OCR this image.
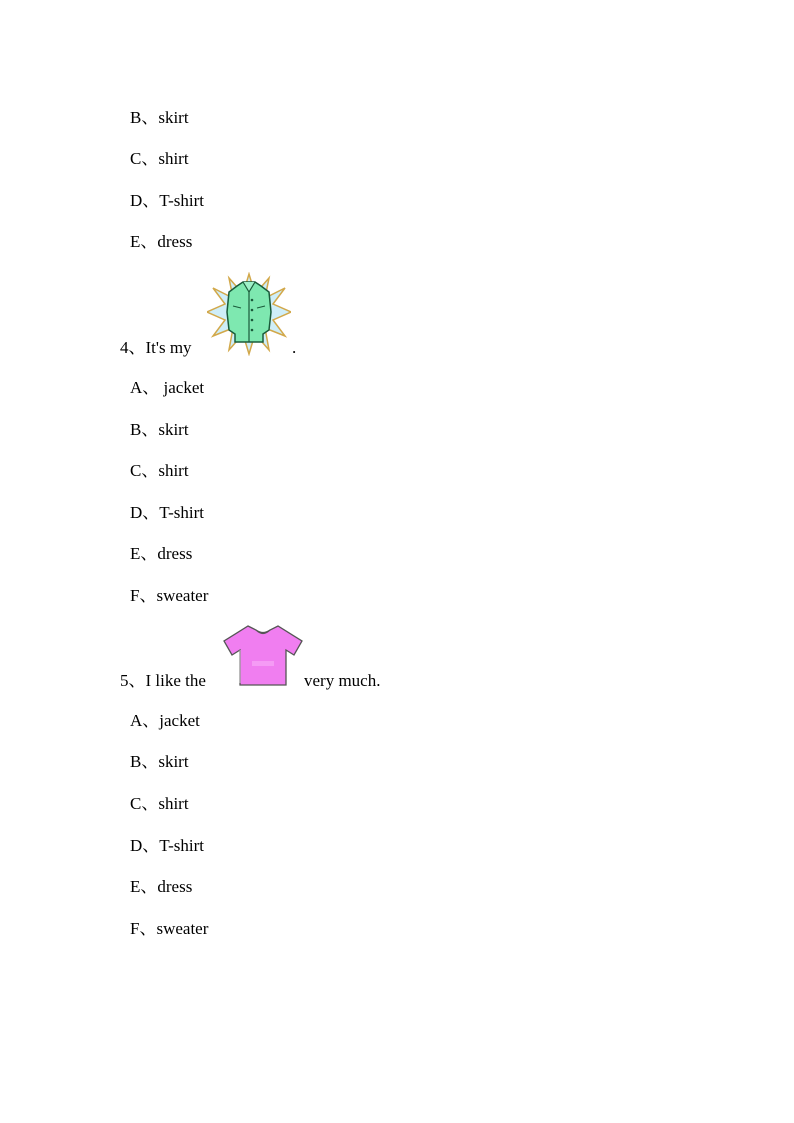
B、skirt
C、shirt
D、T-shirt
E、dress
4、It's my	.
A、 jacket
B、skirt
C、shirt
D、T-shirt
E、dress
F、sweater
5、I like the	very much.
A、jacket
B、skirt
C、shirt
D、T-shirt
E、dress
F、sweater
